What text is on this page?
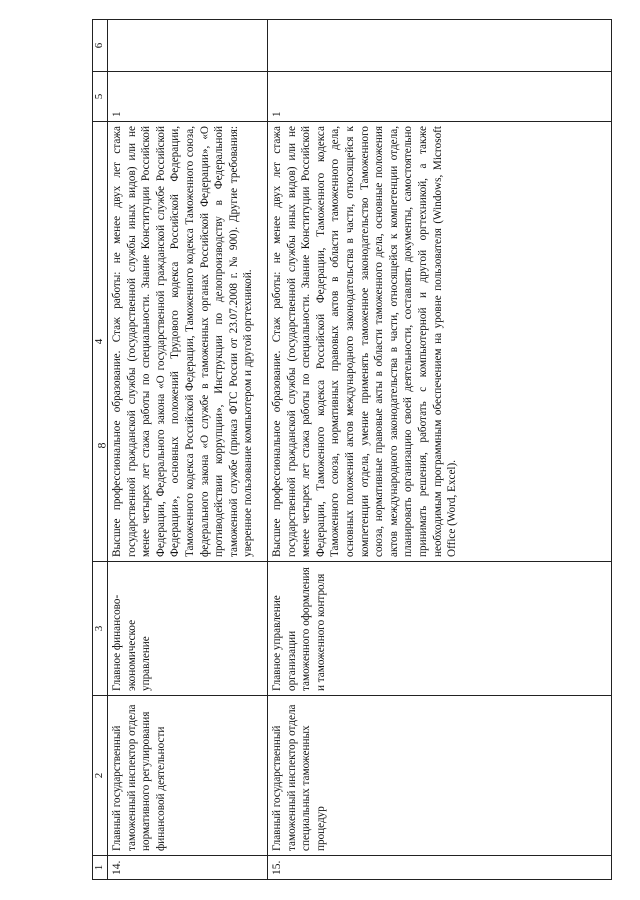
8
1	2	3	4	5	6
14.	Главный государственный таможенный инспектор отдела нормативного регулирования финансовой деятельности	Главное финансово-экономическое управление	Высшее профессиональное образование. Стаж работы: не менее двух лет стажа государственной гражданской службы (государственной службы иных видов) или не менее четырех лет стажа работы по специальности. Знание Конституции Российской Федерации, Федерального закона «О государственной гражданской службе Российской Федерации», основных положений Трудового кодекса Российской Федерации, Таможенного кодекса Российской Федерации, Таможенного кодекса Таможенного союза, федерального закона «О службе в таможенных органах Российской Федерации», «О противодействии коррупции», Инструкции по делопроизводству в Федеральной таможенной службе (приказ ФТС России от 23.07.2008 г. № 900). Другие требования: уверенное пользование компьютером и другой оргтехникой.	1	
15.	Главный государственный таможенный инспектор отдела специальных таможенных процедур	Главное управление организации таможенного оформления и таможенного контроля	Высшее профессиональное образование. Стаж работы: не менее двух лет стажа государственной гражданской службы (государственной службы иных видов) или не менее четырех лет стажа работы по специальности. Знание Конституции Российской Федерации, Таможенного кодекса Российской Федерации, Таможенного кодекса Таможенного союза, нормативных правовых актов в области таможенного дела, основных положений актов международного законодательства в части, относящейся к компетенции отдела, умение применять таможенное законодательство Таможенного союза, нормативные правовые акты в области таможенного дела, основные положения актов международного законодательства в части, относящейся к компетенции отдела, планировать организацию своей деятельности, составлять документы, самостоятельно принимать решения, работать с компьютерной и другой оргтехникой, а также необходимым программным обеспечением на уровне пользователя (Windows, Microsoft Office (Word, Excel).	1	
